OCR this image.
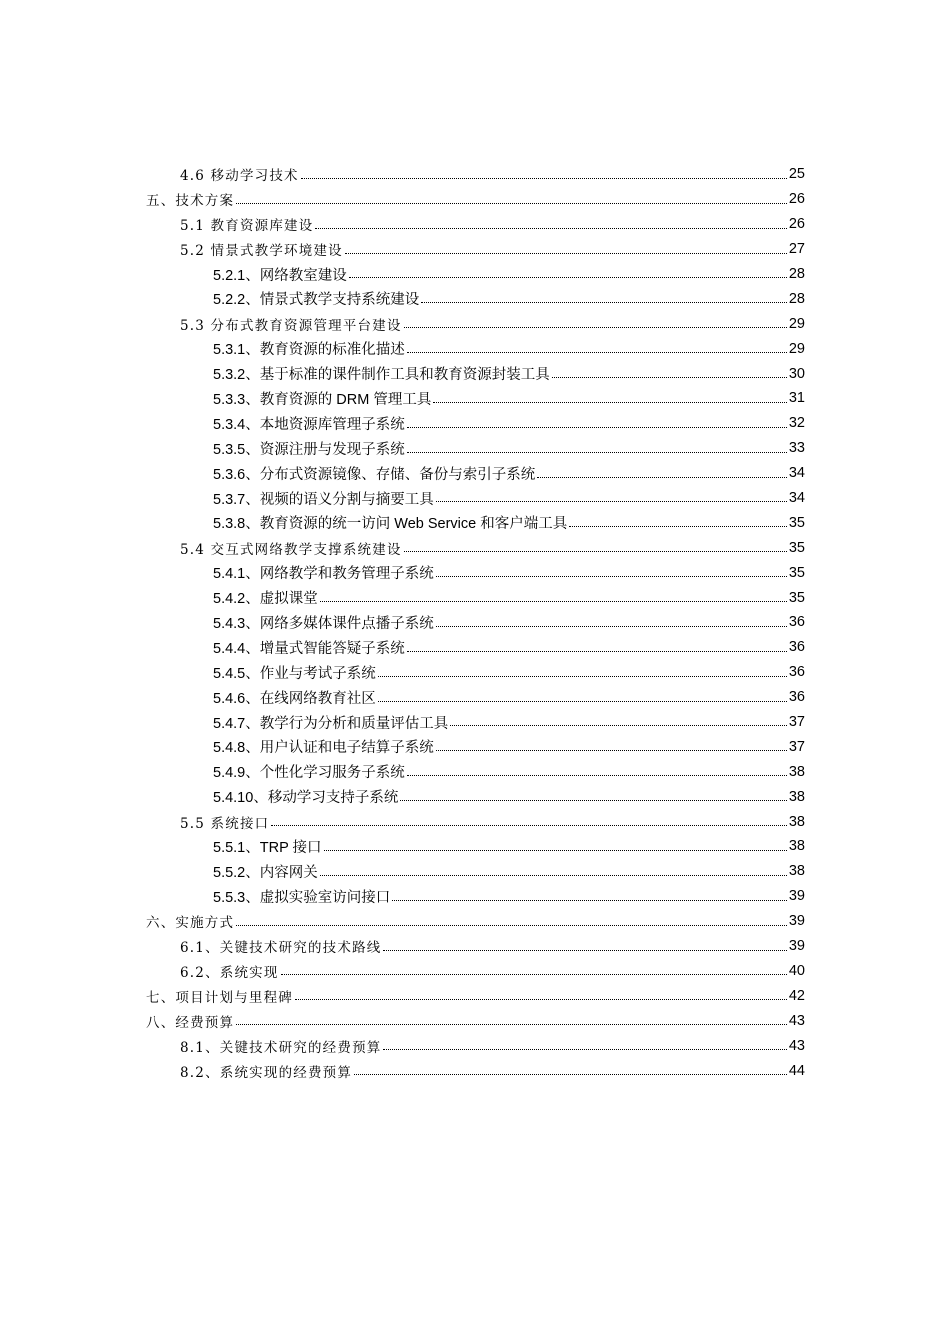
4.6 移动学习技术	25
五、技术方案	26
5.1 教育资源库建设	26
5.2 情景式教学环境建设	27
5.2.1、网络教室建设	28
5.2.2、情景式教学支持系统建设	28
5.3 分布式教育资源管理平台建设	29
5.3.1、教育资源的标准化描述	29
5.3.2、基于标准的课件制作工具和教育资源封装工具	30
5.3.3、教育资源的 DRM 管理工具	31
5.3.4、本地资源库管理子系统	32
5.3.5、资源注册与发现子系统	33
5.3.6、分布式资源镜像、存储、备份与索引子系统	34
5.3.7、视频的语义分割与摘要工具	34
5.3.8、教育资源的统一访问 Web Service 和客户端工具	35
5.4 交互式网络教学支撑系统建设	35
5.4.1、网络教学和教务管理子系统	35
5.4.2、虚拟课堂	35
5.4.3、网络多媒体课件点播子系统	36
5.4.4、增量式智能答疑子系统	36
5.4.5、作业与考试子系统	36
5.4.6、在线网络教育社区	36
5.4.7、教学行为分析和质量评估工具	37
5.4.8、用户认证和电子结算子系统	37
5.4.9、个性化学习服务子系统	38
5.4.10、移动学习支持子系统	38
5.5 系统接口	38
5.5.1、TRP 接口	38
5.5.2、内容网关	38
5.5.3、虚拟实验室访问接口	39
六、实施方式	39
6.1、关键技术研究的技术路线	39
6.2、系统实现	40
七、项目计划与里程碑	42
八、经费预算	43
8.1、关键技术研究的经费预算	43
8.2、系统实现的经费预算	44
